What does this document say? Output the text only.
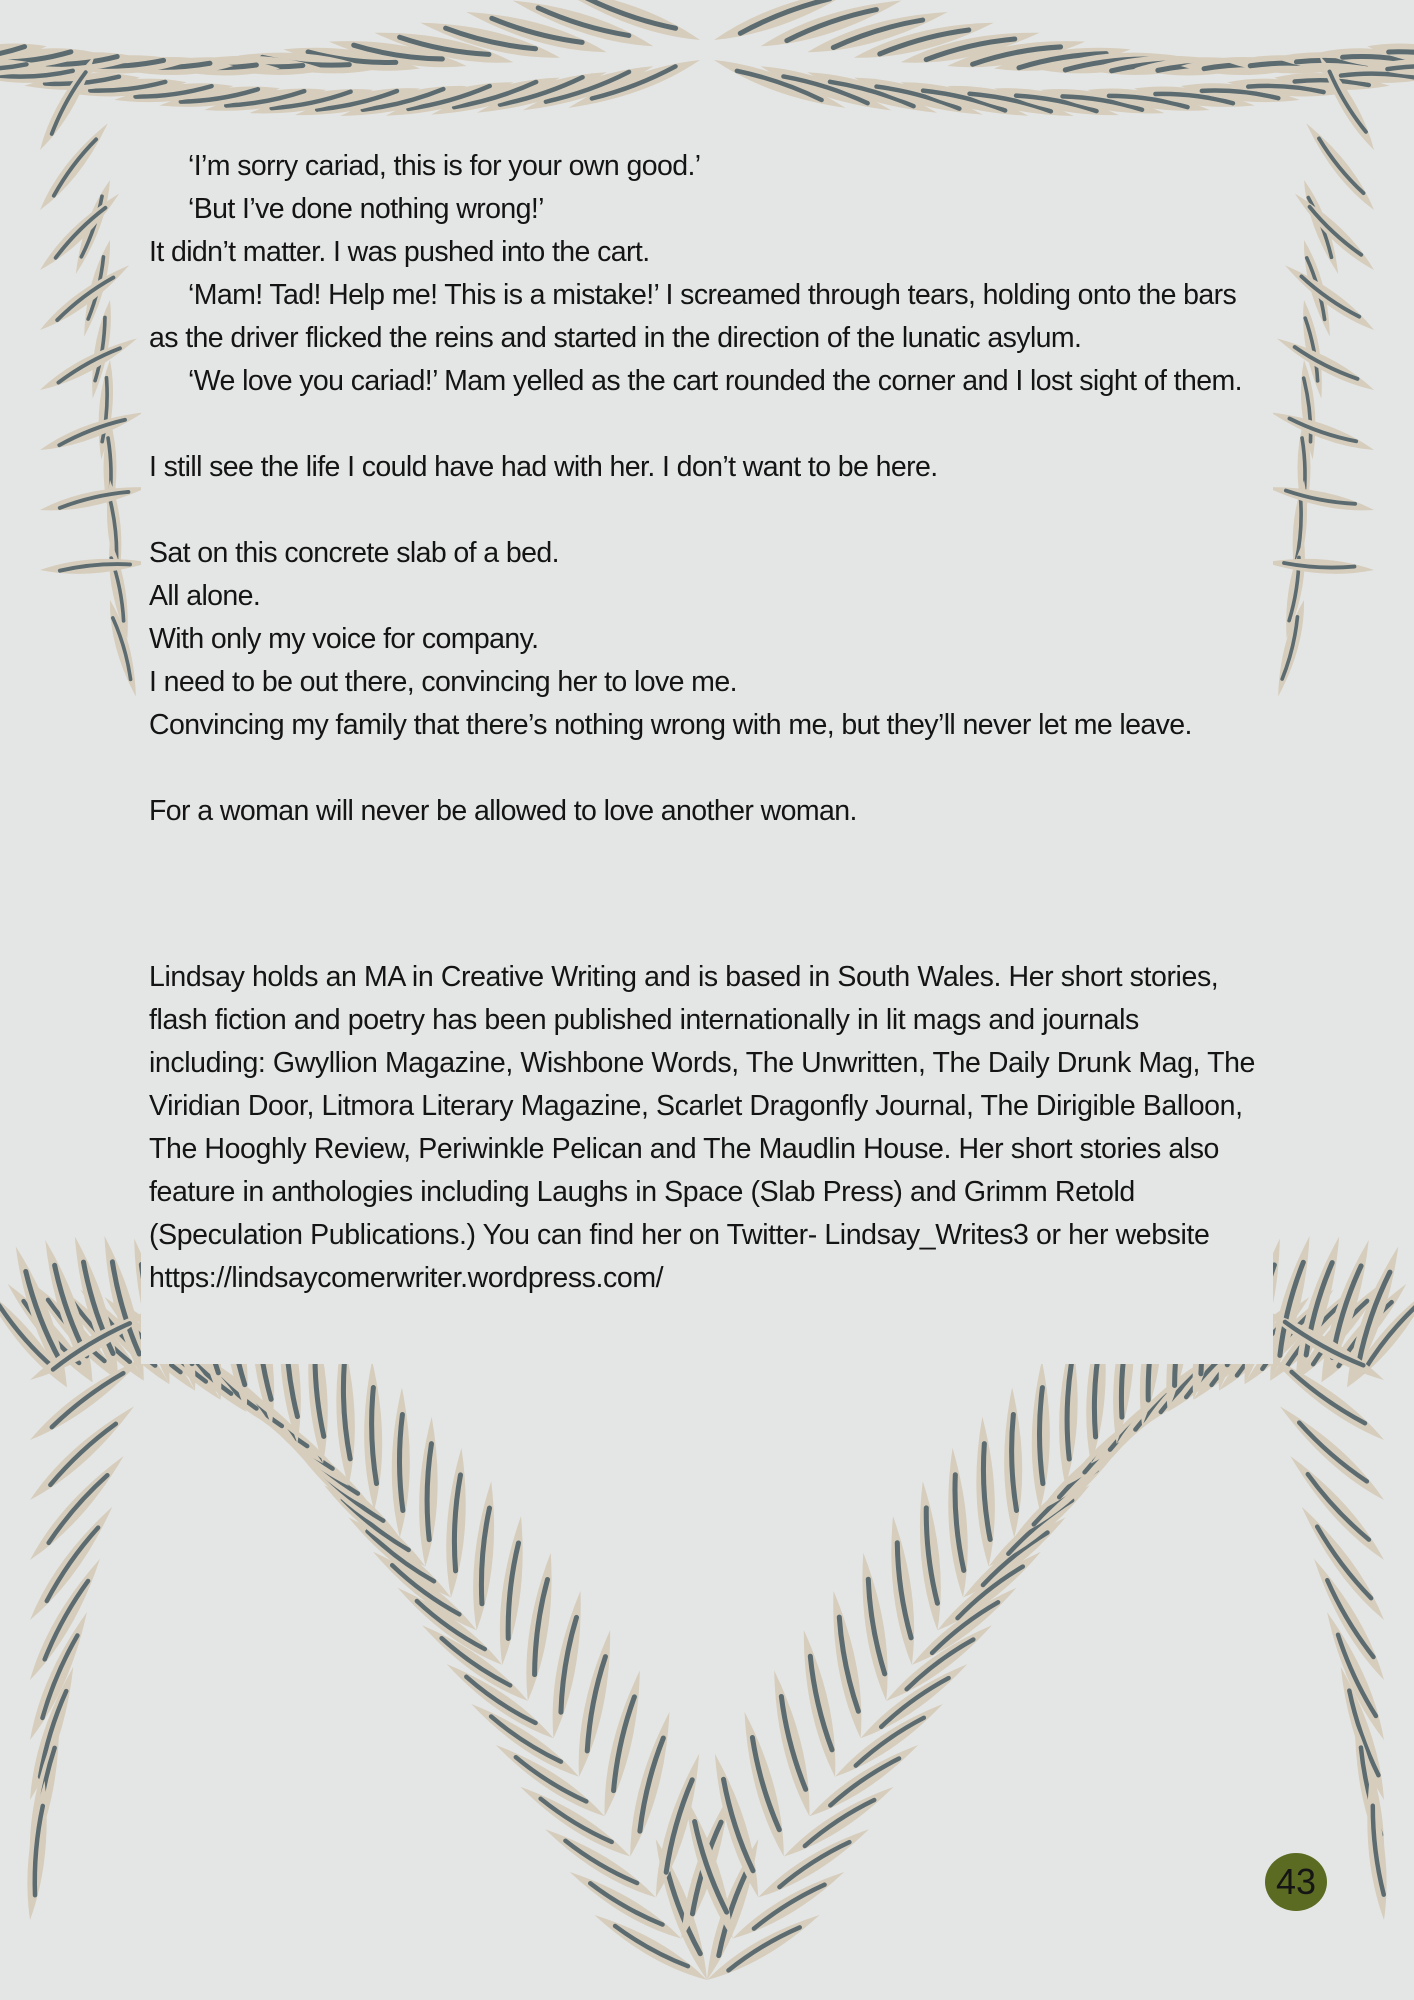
‘I’m sorry cariad, this is for your own good.’

‘But I’ve done nothing wrong!’

It didn’t matter. I was pushed into the cart.

‘Mam! Tad! Help me! This is a mistake!’ I screamed through tears, holding onto the bars as the driver flicked the reins and started in the direction of the lunatic asylum.

‘We love you cariad!’ Mam yelled as the cart rounded the corner and I lost sight of them.

I still see the life I could have had with her. I don’t want to be here.

Sat on this concrete slab of a bed.

All alone.

With only my voice for company.

I need to be out there, convincing her to love me.

Convincing my family that there’s nothing wrong with me, but they’ll never let me leave.

For a woman will never be allowed to love another woman.

Lindsay holds an MA in Creative Writing and is based in South Wales. Her short stories, flash fiction and poetry has been published internationally in lit mags and journals including: Gwyllion Magazine, Wishbone Words, The Unwritten, The Daily Drunk Mag, The Viridian Door, Litmora Literary Magazine, Scarlet Dragonfly Journal, The Dirigible Balloon, The Hooghly Review, Periwinkle Pelican and The Maudlin House. Her short stories also feature in anthologies including Laughs in Space (Slab Press) and Grimm Retold (Speculation Publications.) You can find her on Twitter- Lindsay_Writes3 or her website https://lindsaycomerwriter.wordpress.com/

43
